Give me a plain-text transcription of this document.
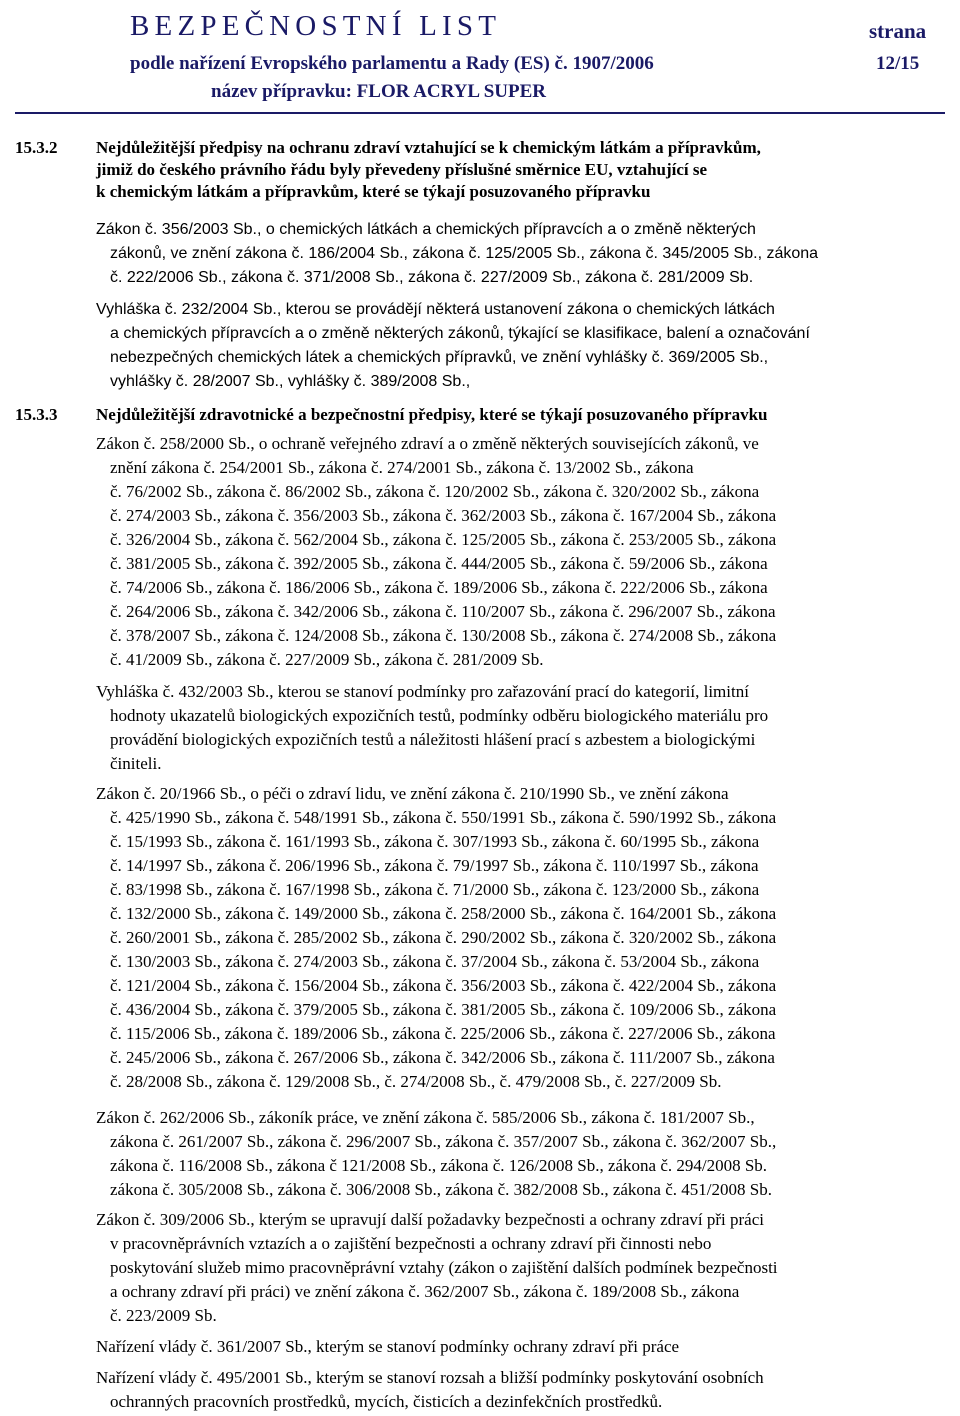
BEZPEČNOSTNÍ LIST	strana
podle nařízení Evropského parlamentu a Rady (ES) č. 1907/2006	12/15
název přípravku: FLOR ACRYL SUPER
15.3.2 Nejdůležitější předpisy na ochranu zdraví vztahující se k chemickým látkám a přípravkům,
jimiž do českého právního řádu byly převedeny příslušné směrnice EU, vztahující se
k chemickým látkám a přípravkům, které se týkají posuzovaného přípravku
Zákon č. 356/2003 Sb., o chemických látkách a chemických přípravcích a o změně některých
zákonů, ve znění zákona č. 186/2004 Sb., zákona č. 125/2005 Sb., zákona č. 345/2005 Sb., zákona
č. 222/2006 Sb., zákona č. 371/2008 Sb., zákona č. 227/2009 Sb., zákona č. 281/2009 Sb.
Vyhláška č. 232/2004 Sb., kterou se provádějí některá ustanovení zákona o chemických látkách
a chemických přípravcích a o změně některých zákonů, týkající se klasifikace, balení a označování
nebezpečných chemických látek a chemických přípravků, ve znění vyhlášky č. 369/2005 Sb.,
vyhlášky č. 28/2007 Sb., vyhlášky č. 389/2008 Sb.,
15.3.3 Nejdůležitější zdravotnické a bezpečnostní předpisy, které se týkají posuzovaného přípravku
Zákon č. 258/2000 Sb., o ochraně veřejného zdraví a o změně některých souvisejících zákonů, ve
znění zákona č. 254/2001 Sb., zákona č. 274/2001 Sb., zákona č. 13/2002 Sb., zákona
č. 76/2002 Sb., zákona č. 86/2002 Sb., zákona č. 120/2002 Sb., zákona č. 320/2002 Sb., zákona
č. 274/2003 Sb., zákona č. 356/2003 Sb., zákona č. 362/2003 Sb., zákona č. 167/2004 Sb., zákona
č. 326/2004 Sb., zákona č. 562/2004 Sb., zákona č. 125/2005 Sb., zákona č. 253/2005 Sb., zákona
č. 381/2005 Sb., zákona č. 392/2005 Sb., zákona č. 444/2005 Sb., zákona č. 59/2006 Sb., zákona
č. 74/2006 Sb., zákona č. 186/2006 Sb., zákona č. 189/2006 Sb., zákona č. 222/2006 Sb., zákona
č. 264/2006 Sb., zákona č. 342/2006 Sb., zákona č. 110/2007 Sb., zákona č. 296/2007 Sb., zákona
č. 378/2007 Sb., zákona č. 124/2008 Sb., zákona č. 130/2008 Sb., zákona č. 274/2008 Sb., zákona
č. 41/2009 Sb., zákona č. 227/2009 Sb., zákona č. 281/2009 Sb.
Vyhláška č. 432/2003 Sb., kterou se stanoví podmínky pro zařazování prací do kategorií, limitní
hodnoty ukazatelů biologických expozičních testů, podmínky odběru biologického materiálu pro
provádění biologických expozičních testů a náležitosti hlášení prací s azbestem a biologickými
činiteli.
Zákon č. 20/1966 Sb., o péči o zdraví lidu, ve znění zákona č. 210/1990 Sb., ve znění zákona
č. 425/1990 Sb., zákona č. 548/1991 Sb., zákona č. 550/1991 Sb., zákona č. 590/1992 Sb., zákona
č. 15/1993 Sb., zákona č. 161/1993 Sb., zákona č. 307/1993 Sb., zákona č. 60/1995 Sb., zákona
č. 14/1997 Sb., zákona č. 206/1996 Sb., zákona č. 79/1997 Sb., zákona č. 110/1997 Sb., zákona
č. 83/1998 Sb., zákona č. 167/1998 Sb., zákona č. 71/2000 Sb., zákona č. 123/2000 Sb., zákona
č. 132/2000 Sb., zákona č. 149/2000 Sb., zákona č. 258/2000 Sb., zákona č. 164/2001 Sb., zákona
č. 260/2001 Sb., zákona č. 285/2002 Sb., zákona č. 290/2002 Sb., zákona č. 320/2002 Sb., zákona
č. 130/2003 Sb., zákona č. 274/2003 Sb., zákona č. 37/2004 Sb., zákona č. 53/2004 Sb., zákona
č. 121/2004 Sb., zákona č. 156/2004 Sb., zákona č. 356/2003 Sb., zákona č. 422/2004 Sb., zákona
č. 436/2004 Sb., zákona č. 379/2005 Sb., zákona č. 381/2005 Sb., zákona č. 109/2006 Sb., zákona
č. 115/2006 Sb., zákona č. 189/2006 Sb., zákona č. 225/2006 Sb., zákona č. 227/2006 Sb., zákona
č. 245/2006 Sb., zákona č. 267/2006 Sb., zákona č. 342/2006 Sb., zákona č. 111/2007 Sb., zákona
č. 28/2008 Sb., zákona č. 129/2008 Sb., č. 274/2008 Sb., č. 479/2008 Sb., č. 227/2009 Sb.
Zákon č. 262/2006 Sb., zákoník práce, ve znění zákona č. 585/2006 Sb., zákona č. 181/2007 Sb.,
zákona č. 261/2007 Sb., zákona č. 296/2007 Sb., zákona č. 357/2007 Sb., zákona č. 362/2007 Sb.,
zákona č. 116/2008 Sb., zákona č 121/2008 Sb., zákona č. 126/2008 Sb., zákona č. 294/2008 Sb.
zákona č. 305/2008 Sb., zákona č. 306/2008 Sb., zákona č. 382/2008 Sb., zákona č. 451/2008 Sb.
Zákon č. 309/2006 Sb., kterým se upravují další požadavky bezpečnosti a ochrany zdraví při práci
v pracovněprávních vztazích a o zajištění bezpečnosti a ochrany zdraví při činnosti nebo
poskytování služeb mimo pracovněprávní vztahy (zákon o zajištění dalších podmínek bezpečnosti
a ochrany zdraví při práci) ve znění zákona č. 362/2007 Sb., zákona č. 189/2008 Sb., zákona
č. 223/2009 Sb.
Nařízení vlády č. 361/2007 Sb., kterým se stanoví podmínky ochrany zdraví při práce
Nařízení vlády č. 495/2001 Sb., kterým se stanoví rozsah a bližší podmínky poskytování osobních
ochranných pracovních prostředků, mycích, čisticích a dezinfekčních prostředků.
